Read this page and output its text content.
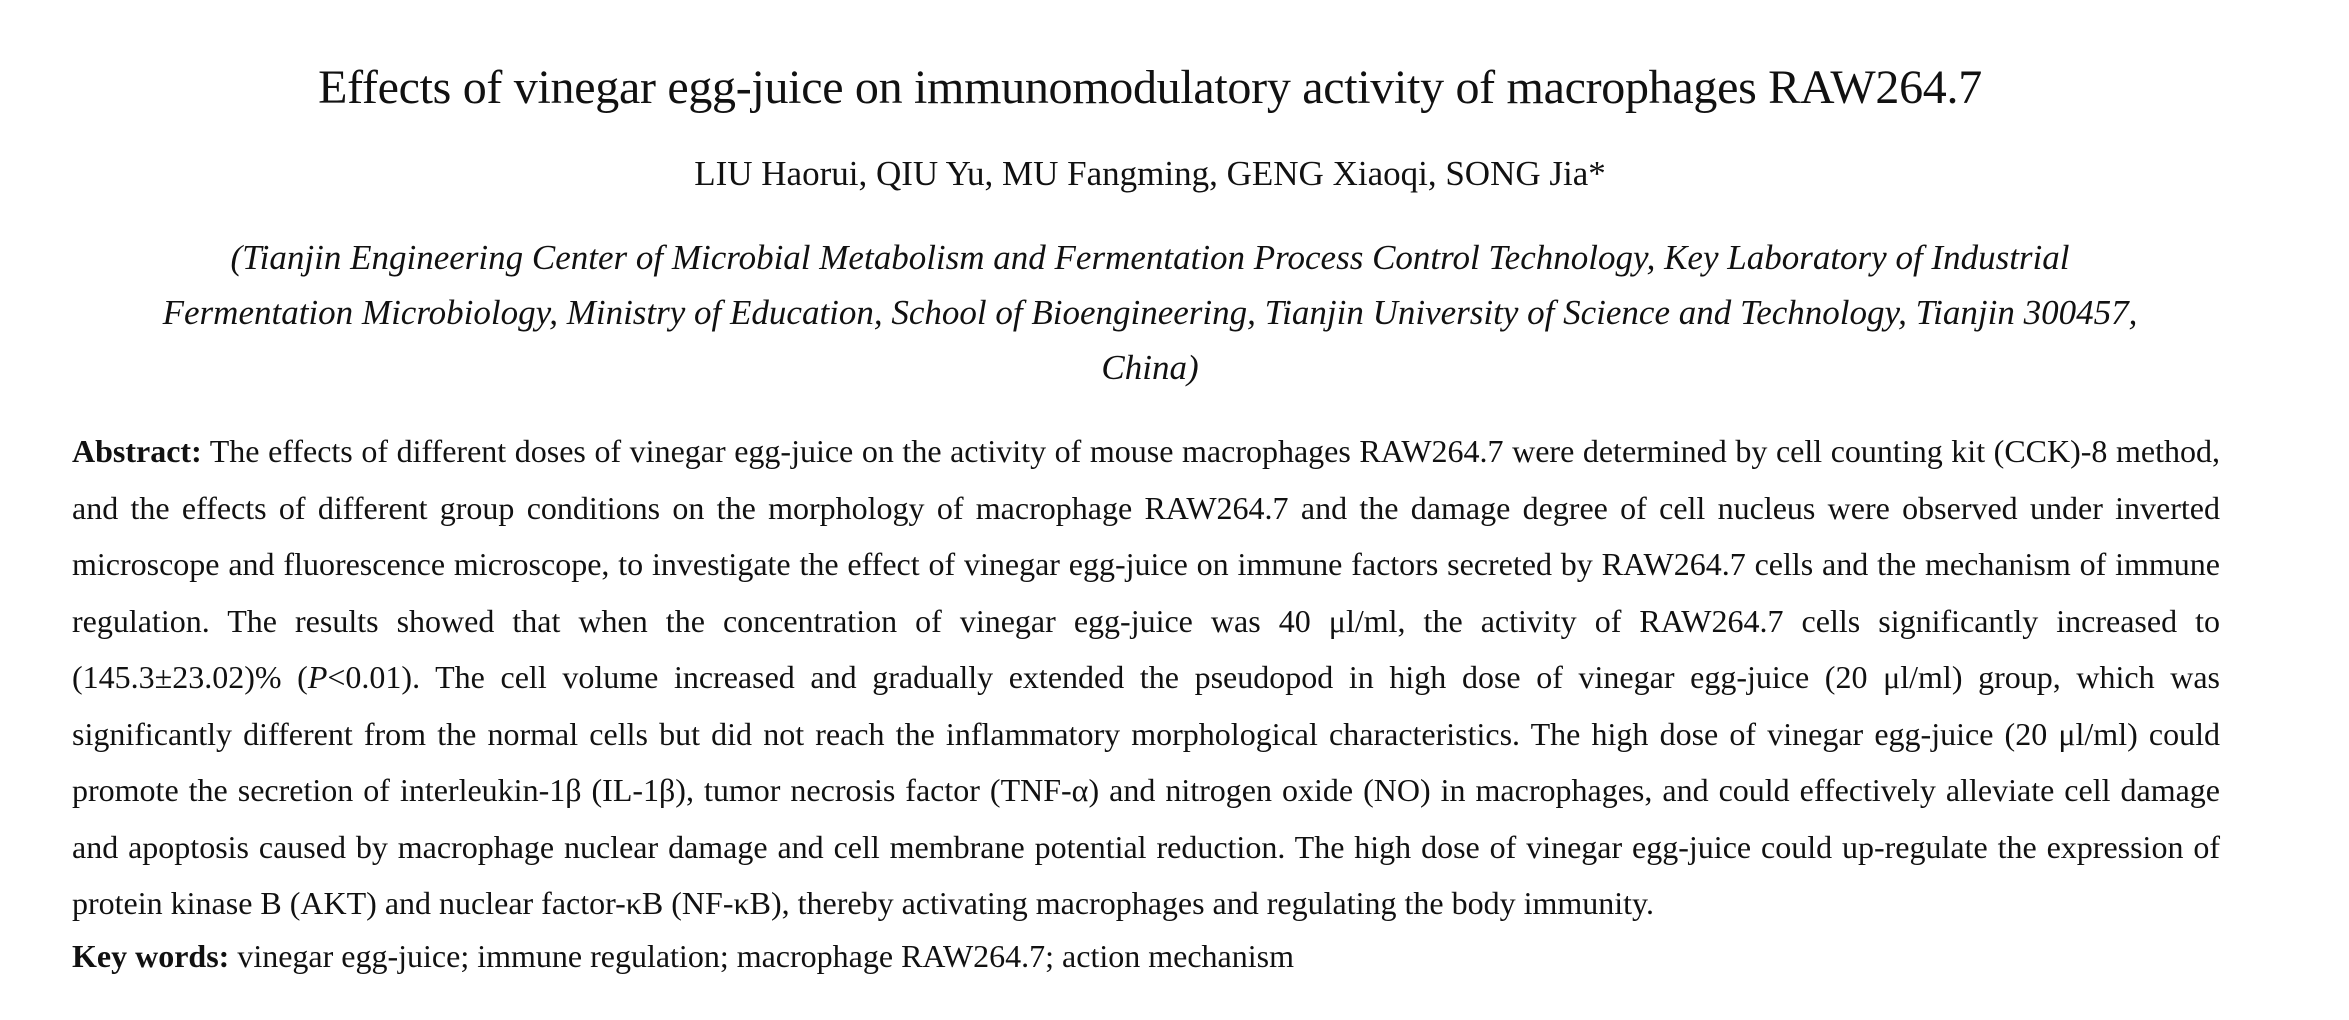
Effects of vinegar egg-juice on immunomodulatory activity of macrophages RAW264.7

LIU Haorui, QIU Yu, MU Fangming, GENG Xiaoqi, SONG Jia*

(Tianjin Engineering Center of Microbial Metabolism and Fermentation Process Control Technology, Key Laboratory of Industrial Fermentation Microbiology, Ministry of Education, School of Bioengineering, Tianjin University of Science and Technology, Tianjin 300457, China)

Abstract: The effects of different doses of vinegar egg-juice on the activity of mouse macrophages RAW264.7 were determined by cell counting kit (CCK)-8 method, and the effects of different group conditions on the morphology of macrophage RAW264.7 and the damage degree of cell nucleus were observed under inverted microscope and fluorescence microscope, to investigate the effect of vinegar egg-juice on immune factors secreted by RAW264.7 cells and the mechanism of immune regulation. The results showed that when the concentration of vinegar egg-juice was 40 μl/ml, the activity of RAW264.7 cells significantly increased to (145.3±23.02)% (P<0.01). The cell volume increased and gradually extended the pseudopod in high dose of vinegar egg-juice (20 μl/ml) group, which was significantly different from the normal cells but did not reach the inflammatory morphological characteristics. The high dose of vinegar egg-juice (20 μl/ml) could promote the secretion of interleukin-1β (IL-1β), tumor necrosis factor (TNF-α) and nitrogen oxide (NO) in macrophages, and could effectively alleviate cell damage and apoptosis caused by macrophage nuclear damage and cell membrane potential reduction. The high dose of vinegar egg-juice could up-regulate the expression of protein kinase B (AKT) and nuclear factor-κB (NF-κB), thereby activating macrophages and regulating the body immunity.

Key words: vinegar egg-juice; immune regulation; macrophage RAW264.7; action mechanism
